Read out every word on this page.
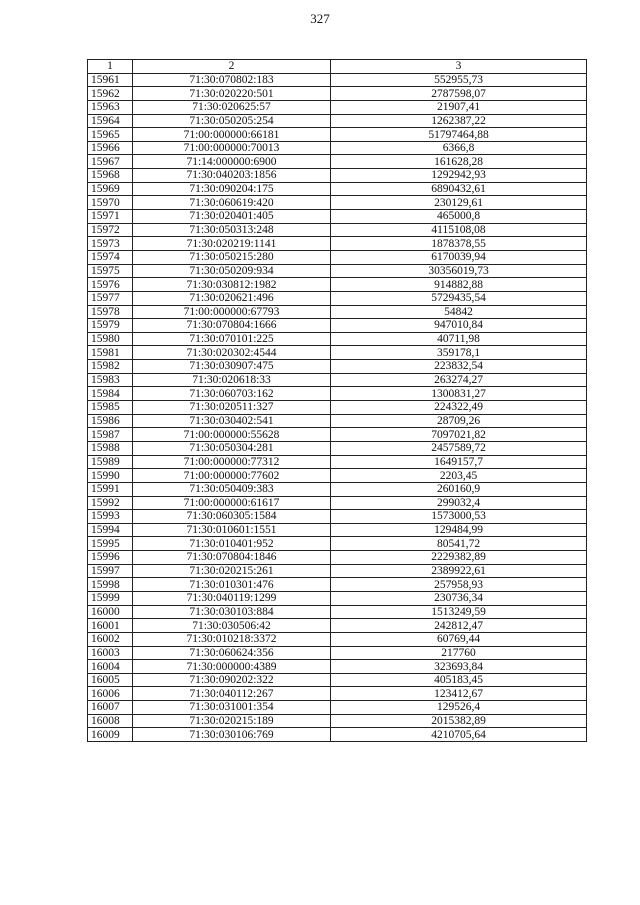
327
1	2	3
15961	71:30:070802:183	552955,73
15962	71:30:020220:501	2787598,07
15963	71:30:020625:57	21907,41
15964	71:30:050205:254	1262387,22
15965	71:00:000000:66181	51797464,88
15966	71:00:000000:70013	6366,8
15967	71:14:000000:6900	161628,28
15968	71:30:040203:1856	1292942,93
15969	71:30:090204:175	6890432,61
15970	71:30:060619:420	230129,61
15971	71:30:020401:405	465000,8
15972	71:30:050313:248	4115108,08
15973	71:30:020219:1141	1878378,55
15974	71:30:050215:280	6170039,94
15975	71:30:050209:934	30356019,73
15976	71:30:030812:1982	914882,88
15977	71:30:020621:496	5729435,54
15978	71:00:000000:67793	54842
15979	71:30:070804:1666	947010,84
15980	71:30:070101:225	40711,98
15981	71:30:020302:4544	359178,1
15982	71:30:030907:475	223832,54
15983	71:30:020618:33	263274,27
15984	71:30:060703:162	1300831,27
15985	71:30:020511:327	224322,49
15986	71:30:030402:541	28709,26
15987	71:00:000000:55628	7097021,82
15988	71:30:050304:281	2457589,72
15989	71:00:000000:77312	1649157,7
15990	71:00:000000:77602	2203,45
15991	71:30:050409:383	260160,9
15992	71:00:000000:61617	299032,4
15993	71:30:060305:1584	1573000,53
15994	71:30:010601:1551	129484,99
15995	71:30:010401:952	80541,72
15996	71:30:070804:1846	2229382,89
15997	71:30:020215:261	2389922,61
15998	71:30:010301:476	257958,93
15999	71:30:040119:1299	230736,34
16000	71:30:030103:884	1513249,59
16001	71:30:030506:42	242812,47
16002	71:30:010218:3372	60769,44
16003	71:30:060624:356	217760
16004	71:30:000000:4389	323693,84
16005	71:30:090202:322	405183,45
16006	71:30:040112:267	123412,67
16007	71:30:031001:354	129526,4
16008	71:30:020215:189	2015382,89
16009	71:30:030106:769	4210705,64
